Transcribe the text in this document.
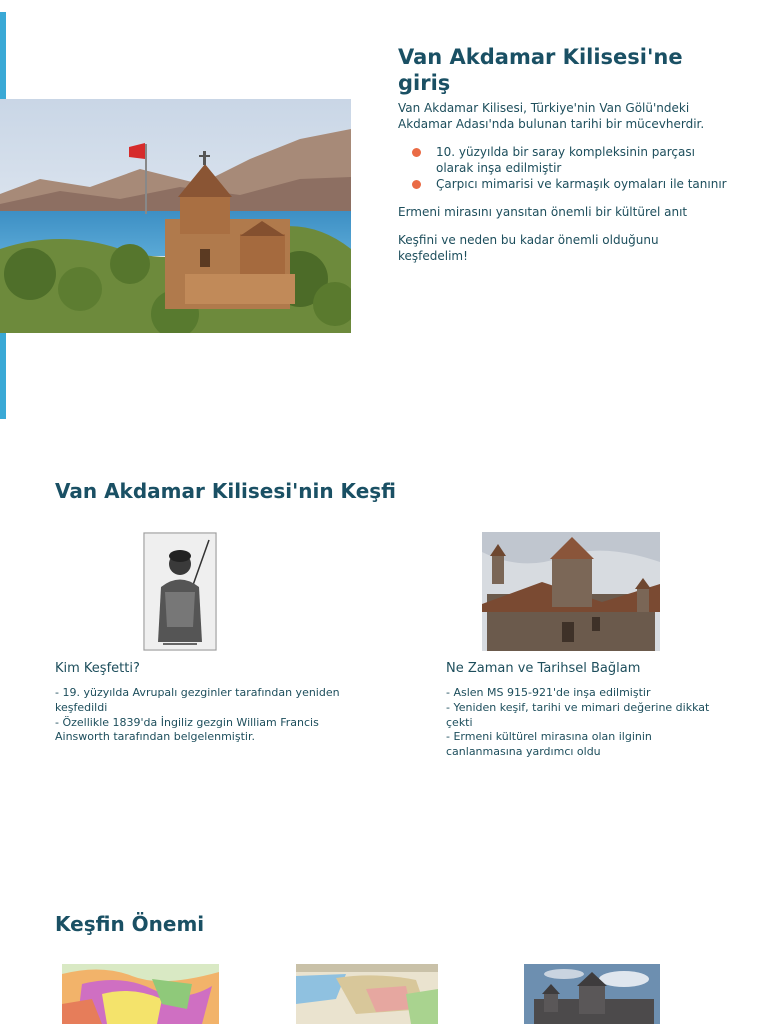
Van Akdamar Kilisesi'ne giriş

Van Akdamar Kilisesi, Türkiye'nin Van Gölü'ndeki Akdamar Adası'nda bulunan tarihi bir mücevherdir.

10. yüzyılda bir saray kompleksinin parçası olarak inşa edilmiştir
Çarpıcı mimarisi ve karmaşık oymaları ile tanınır

Ermeni mirasını yansıtan önemli bir kültürel anıt

Keşfini ve neden bu kadar önemli olduğunu keşfedelim!

Van Akdamar Kilisesi'nin Keşfi
Kim Keşfetti?
- 19. yüzyılda Avrupalı gezginler tarafından yeniden keşfedildi
- Özellikle 1839'da İngiliz gezgin William Francis Ainsworth tarafından belgelenmiştir.
Ne Zaman ve Tarihsel Bağlam
- Aslen MS 915-921'de inşa edilmiştir
- Yeniden keşif, tarihi ve mimari değerine dikkat çekti
- Ermeni kültürel mirasına olan ilginin canlanmasına yardımcı oldu
Keşfin Önemi
